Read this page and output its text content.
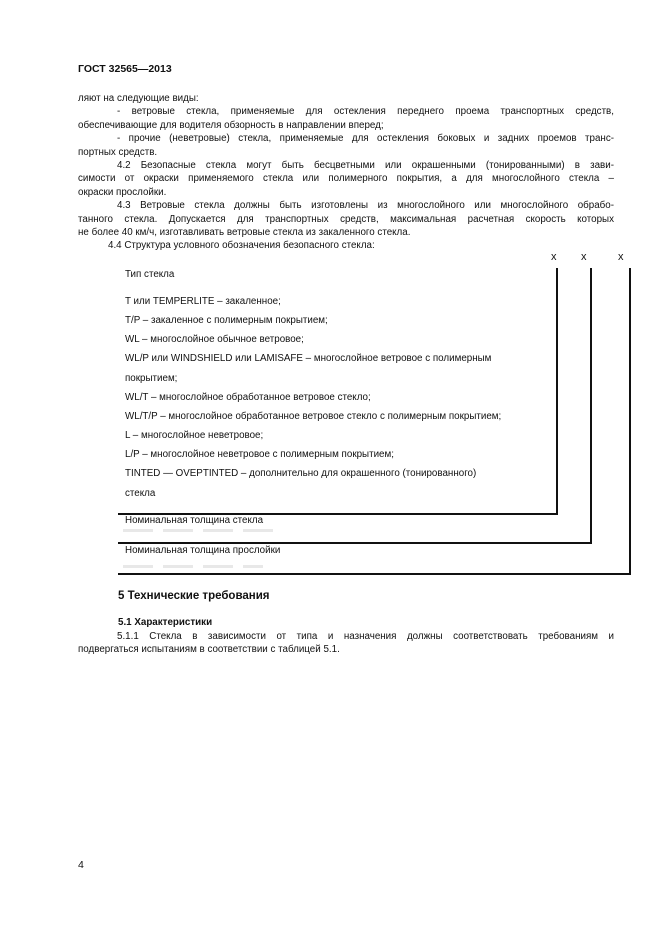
ГОСТ 32565—2013
ляют на следующие виды:
- ветровые стекла, применяемые для остекления переднего проема транспортных средств,
обеспечивающие для водителя обзорность в направлении вперед;
- прочие (неветровые) стекла, применяемые для остекления боковых и задних проемов транс-
портных средств.
4.2 Безопасные стекла могут быть бесцветными или окрашенными (тонированными) в зави-
симости от окраски применяемого стекла или полимерного покрытия, а для многослойного стекла –
окраски прослойки.
4.3 Ветровые стекла должны быть изготовлены из многослойного или многослойного обрабо-
танного стекла. Допускается для транспортных средств, максимальная расчетная скорость которых
не более 40 км/ч, изготавливать ветровые стекла из закаленного стекла.
4.4 Структура условного обозначения безопасного стекла:
x x	x
Тип стекла
T или TEMPERLITE – закаленное;
T/P – закаленное с полимерным покрытием;
WL – многослойное обычное ветровое;
WL/P или WINDSHIELD или LAMISAFE – многослойное ветровое с полимерным
покрытием;
WL/T – многослойное обработанное ветровое стекло;
WL/T/P – многослойное обработанное ветровое стекло с полимерным покрытием;
L – многослойное неветровое;
L/P – многослойное неветровое с полимерным покрытием;
TINTED — OVEPTINTED – дополнительно для окрашенного (тонированного)
стекла
Номинальная толщина стекла
Номинальная толщина прослойки
5 Технические требования
5.1 Характеристики
5.1.1 Стекла в зависимости от типа и назначения должны соответствовать требованиям и
подвергаться испытаниям в соответствии с таблицей 5.1.
4
